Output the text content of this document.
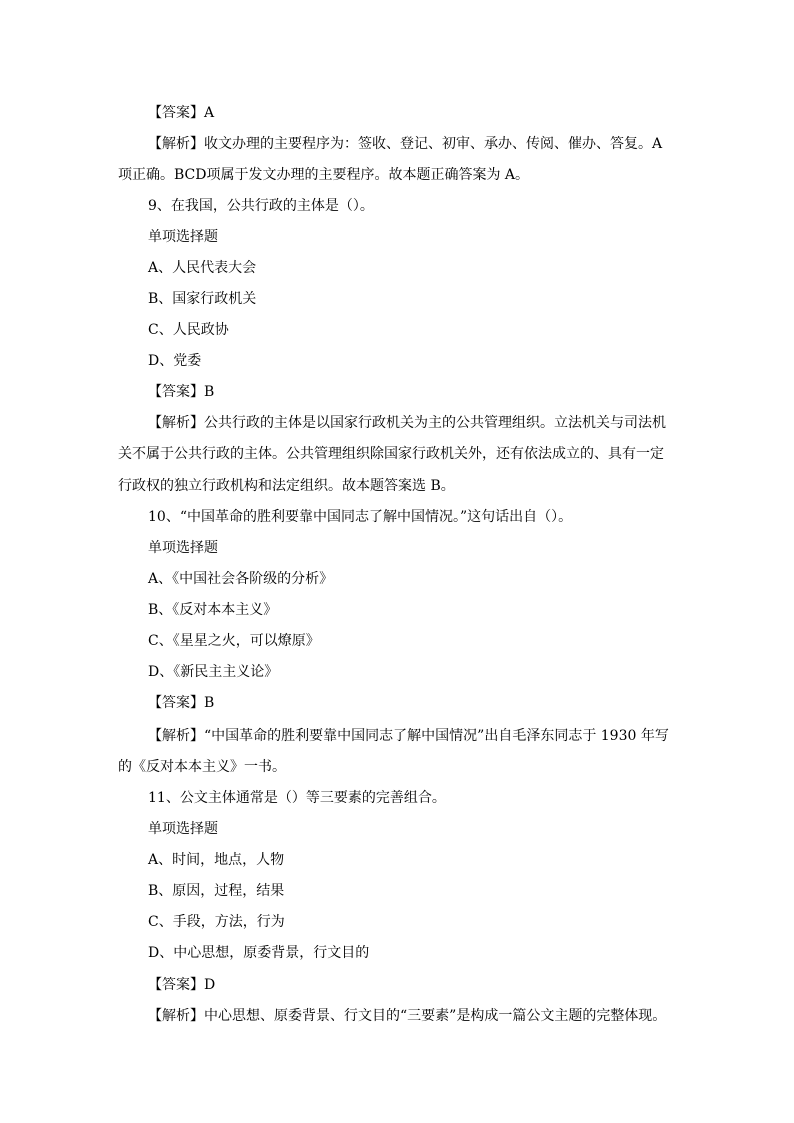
【答案】A
【解析】收文办理的主要程序为：签收、登记、初审、承办、传阅、催办、答复。A
项正确。BCD项属于发文办理的主要程序。故本题正确答案为 A。
9、在我国，公共行政的主体是（）。
单项选择题
A、人民代表大会
B、国家行政机关
C、人民政协
D、党委
【答案】B
【解析】公共行政的主体是以国家行政机关为主的公共管理组织。立法机关与司法机
关不属于公共行政的主体。公共管理组织除国家行政机关外，还有依法成立的、具有一定
行政权的独立行政机构和法定组织。故本题答案选 B。
10、“中国革命的胜利要靠中国同志了解中国情况。”这句话出自（）。
单项选择题
A、《中国社会各阶级的分析》
B、《反对本本主义》
C、《星星之火，可以燎原》
D、《新民主主义论》
【答案】B
【解析】“中国革命的胜利要靠中国同志了解中国情况”出自毛泽东同志于 1930 年写
的《反对本本主义》一书。
11、公文主体通常是（）等三要素的完善组合。
单项选择题
A、时间，地点，人物
B、原因，过程，结果
C、手段，方法，行为
D、中心思想，原委背景，行文目的
【答案】D
【解析】中心思想、原委背景、行文目的“三要素”是构成一篇公文主题的完整体现。
